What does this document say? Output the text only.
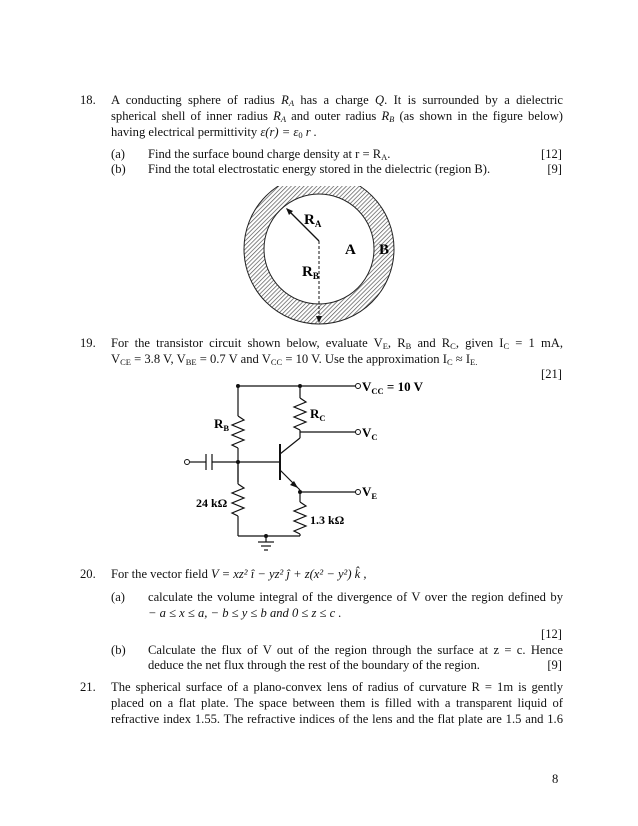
18. A conducting sphere of radius $R_A$ has a charge Q. It is surrounded by a dielectric
spherical shell of inner radius $R_A$ and outer radius $R_B$ (as shown in the figure below)
having electrical permittivity $\varepsilon(r) = \varepsilon_0$ r .
(a) Find the surface bound charge density at $r = R_A$.	[12]
(b) Find the total electrostatic energy stored in the dielectric (region B).	[9]
$R_A$
$R_B$
A B
19. For the transistor circuit shown below, evaluate $V_E$, $R_B$ and $R_C$, given $I_C = 1$ mA,
$V_{CE} = 3.8$ V, $V_{BE} = 0.7$ V and $V_{CC} = 10$ V. Use the approximation $I_C \approx I_{E.}$
[21]
$V_{CC} = 10$ V
$R_C$
$R_B$	$V_C$
$V_E$
24 kΩ
1.3 kΩ
20. For the vector field V = xz² î − yz² ĵ + z(x² − y²) k̂ ,
(a) calculate the volume integral of the divergence of V over the region defined by
− a ≤ x ≤ a, − b ≤ y ≤ b and 0 ≤ z ≤ c .
[12]
(b) Calculate the flux of V out of the region through the surface at z = c. Hence
deduce the net flux through the rest of the boundary of the region.	[9]
21. The spherical surface of a plano-convex lens of radius of curvature R = 1m is gently
placed on a flat plate. The space between them is filled with a transparent liquid of
refractive index 1.55. The refractive indices of the lens and the flat plate are 1.5 and 1.6
8
